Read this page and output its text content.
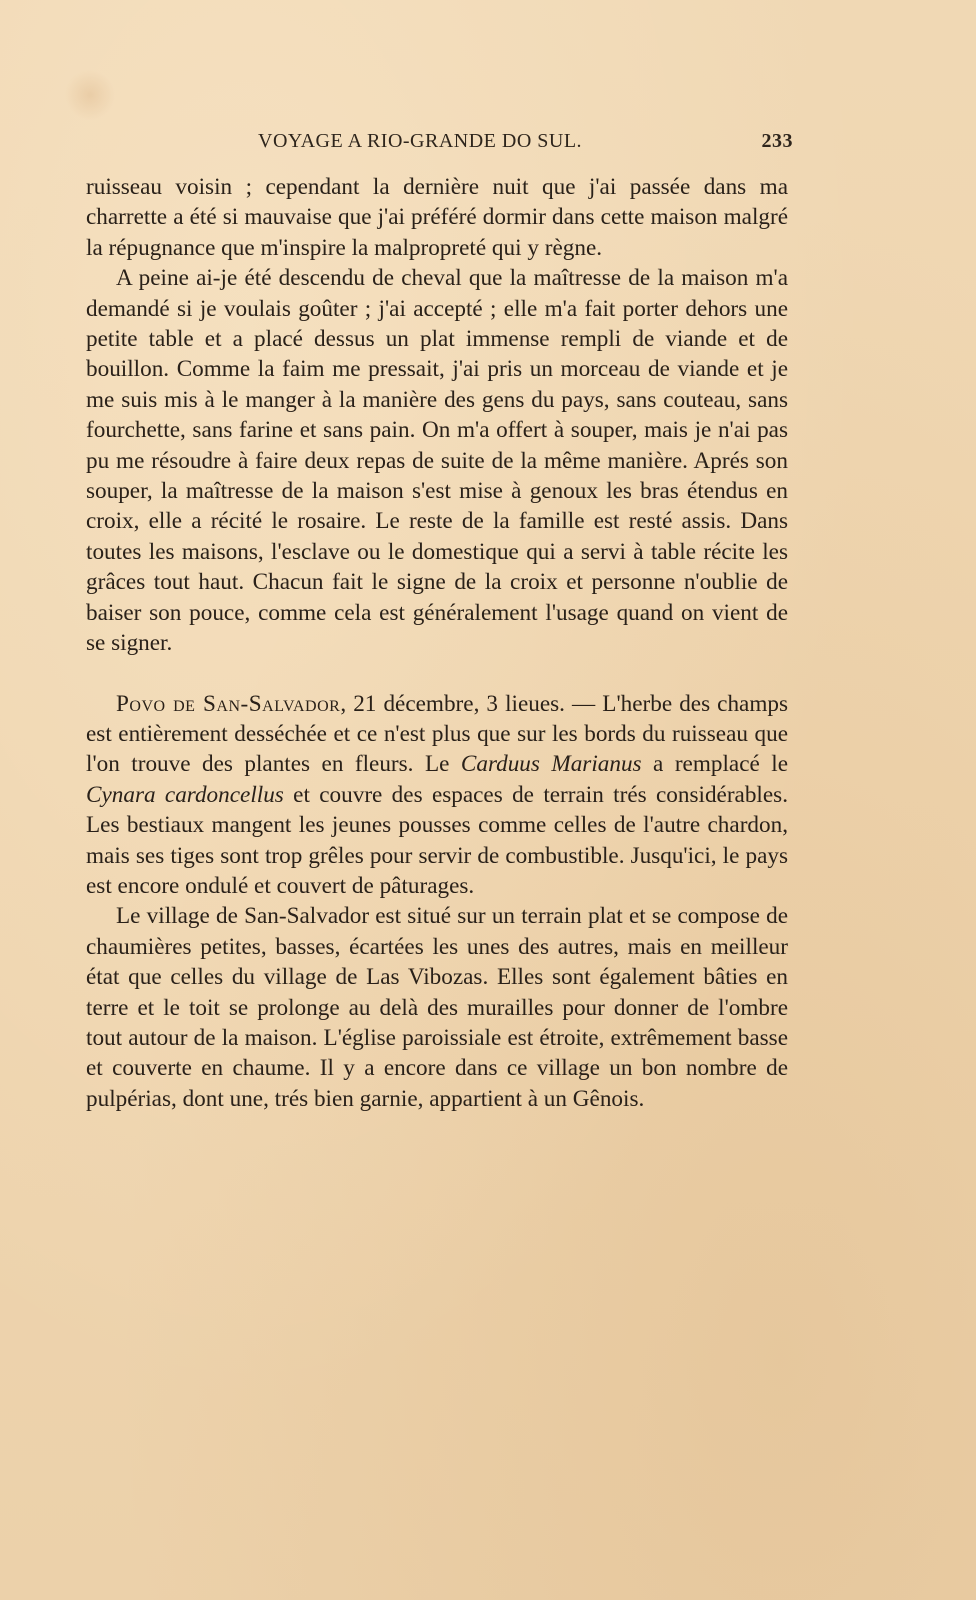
VOYAGE A RIO-GRANDE DO SUL.	233

ruisseau voisin ; cependant la dernière nuit que j'ai passée dans ma charrette a été si mauvaise que j'ai préféré dormir dans cette maison malgré la répugnance que m'inspire la malpropreté qui y règne.

A peine ai-je été descendu de cheval que la maîtresse de la maison m'a demandé si je voulais goûter ; j'ai accepté ; elle m'a fait porter dehors une petite table et a placé dessus un plat immense rempli de viande et de bouillon. Comme la faim me pressait, j'ai pris un morceau de viande et je me suis mis à le manger à la manière des gens du pays, sans couteau, sans fourchette, sans farine et sans pain. On m'a offert à souper, mais je n'ai pas pu me résoudre à faire deux repas de suite de la même manière. Aprés son souper, la maîtresse de la maison s'est mise à genoux les bras étendus en croix, elle a récité le rosaire. Le reste de la famille est resté assis. Dans toutes les maisons, l'esclave ou le domestique qui a servi à table récite les grâces tout haut. Chacun fait le signe de la croix et personne n'oublie de baiser son pouce, comme cela est généralement l'usage quand on vient de se signer.

Povo de San-Salvador, 21 décembre, 3 lieues. — L'herbe des champs est entièrement desséchée et ce n'est plus que sur les bords du ruisseau que l'on trouve des plantes en fleurs. Le Carduus Marianus a remplacé le Cynara cardoncellus et couvre des espaces de terrain trés considérables. Les bestiaux mangent les jeunes pousses comme celles de l'autre chardon, mais ses tiges sont trop grêles pour servir de combustible. Jusqu'ici, le pays est encore ondulé et couvert de pâturages.

Le village de San-Salvador est situé sur un terrain plat et se compose de chaumières petites, basses, écartées les unes des autres, mais en meilleur état que celles du village de Las Vibozas. Elles sont également bâties en terre et le toit se prolonge au delà des murailles pour donner de l'ombre tout autour de la maison. L'église paroissiale est étroite, extrêmement basse et couverte en chaume. Il y a encore dans ce village un bon nombre de pulpérias, dont une, trés bien garnie, appartient à un Gênois.
